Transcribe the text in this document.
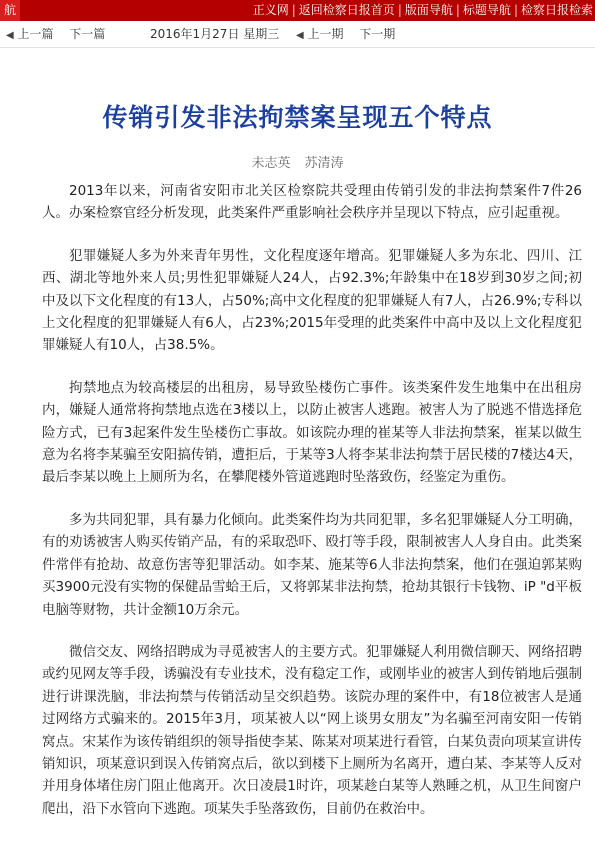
航	正义网 | 返回检察日报首页 | 版面导航 | 标题导航 | 检察日报检索
◀ 上一篇 下一篇	2016年1月27日 星期三 ◀ 上一期 下一期
传销引发非法拘禁案呈现五个特点
未志英 苏清涛

2013年以来，河南省安阳市北关区检察院共受理由传销引发的非法拘禁案件7件26人。办案检察官经分析发现，此类案件严重影响社会秩序并呈现以下特点，应引起重视。

犯罪嫌疑人多为外来青年男性，文化程度逐年增高。犯罪嫌疑人多为东北、四川、江西、湖北等地外来人员;男性犯罪嫌疑人24人，占92.3%;年龄集中在18岁到30岁之间;初中及以下文化程度的有13人，占50%;高中文化程度的犯罪嫌疑人有7人，占26.9%;专科以上文化程度的犯罪嫌疑人有6人，占23%;2015年受理的此类案件中高中及以上文化程度犯罪嫌疑人有10人，占38.5%。

拘禁地点为较高楼层的出租房，易导致坠楼伤亡事件。该类案件发生地集中在出租房内，嫌疑人通常将拘禁地点选在3楼以上，以防止被害人逃跑。被害人为了脱逃不惜选择危险方式，已有3起案件发生坠楼伤亡事故。如该院办理的崔某等人非法拘禁案，崔某以做生意为名将李某骗至安阳搞传销，遭拒后，于某等3人将李某非法拘禁于居民楼的7楼达4天，最后李某以晚上上厕所为名，在攀爬楼外管道逃跑时坠落致伤，经鉴定为重伤。

多为共同犯罪，具有暴力化倾向。此类案件均为共同犯罪，多名犯罪嫌疑人分工明确，有的劝诱被害人购买传销产品，有的采取恐吓、殴打等手段，限制被害人人身自由。此类案件常伴有抢劫、故意伤害等犯罪活动。如李某、施某等6人非法拘禁案，他们在强迫郭某购买3900元没有实物的保健品雪蛤王后，又将郭某非法拘禁，抢劫其银行卡钱物、iP "d平板电脑等财物，共计金额10万余元。

微信交友、网络招聘成为寻觅被害人的主要方式。犯罪嫌疑人利用微信聊天、网络招聘或约见网友等手段，诱骗没有专业技术，没有稳定工作，或刚毕业的被害人到传销地后强制进行讲课洗脑，非法拘禁与传销活动呈交织趋势。该院办理的案件中，有18位被害人是通过网络方式骗来的。2015年3月，项某被人以“网上谈男女朋友”为名骗至河南安阳一传销窝点。宋某作为该传销组织的领导指使李某、陈某对项某进行看管，白某负责向项某宣讲传销知识，项某意识到误入传销窝点后，欲以到楼下上厕所为名离开，遭白某、李某等人反对并用身体堵住房门阻止他离开。次日凌晨1时许，项某趁白某等人熟睡之机，从卫生间窗户爬出，沿下水管向下逃跑。项某失手坠落致伤，目前仍在救治中。
